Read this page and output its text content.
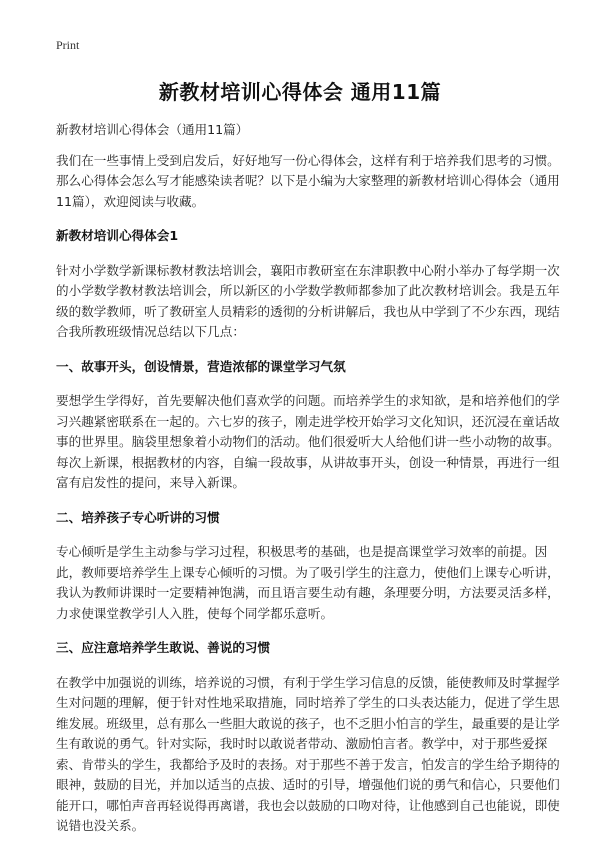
Print
新教材培训心得体会 通用11篇

新教材培训心得体会（通用11篇）

我们在一些事情上受到启发后，好好地写一份心得体会，这样有利于培养我们思考的习惯。那么心得体会怎么写才能感染读者呢？以下是小编为大家整理的新教材培训心得体会（通用11篇），欢迎阅读与收藏。

新教材培训心得体会1

针对小学数学新课标教材教法培训会，襄阳市教研室在东津职教中心附小举办了每学期一次的小学数学教材教法培训会，所以新区的小学数学教师都参加了此次教材培训会。我是五年级的数学教师，听了教研室人员精彩的透彻的分析讲解后，我也从中学到了不少东西，现结合我所教班级情况总结以下几点：

一、故事开头，创设情景，营造浓郁的课堂学习气氛

要想学生学得好，首先要解决他们喜欢学的问题。而培养学生的求知欲，是和培养他们的学习兴趣紧密联系在一起的。六七岁的孩子，刚走进学校开始学习文化知识，还沉浸在童话故事的世界里。脑袋里想象着小动物们的活动。他们很爱听大人给他们讲一些小动物的故事。每次上新课，根据教材的内容，自编一段故事，从讲故事开头，创设一种情景，再进行一组富有启发性的提问，来导入新课。

二、培养孩子专心听讲的习惯

专心倾听是学生主动参与学习过程，积极思考的基础，也是提高课堂学习效率的前提。因此，教师要培养学生上课专心倾听的习惯。为了吸引学生的注意力，使他们上课专心听讲，我认为教师讲课时一定要精神饱满，而且语言要生动有趣，条理要分明，方法要灵活多样，力求使课堂教学引人入胜，使每个同学都乐意听。

三、应注意培养学生敢说、善说的习惯

在教学中加强说的训练，培养说的习惯，有利于学生学习信息的反馈，能使教师及时掌握学生对问题的理解，便于针对性地采取措施，同时培养了学生的口头表达能力，促进了学生思维发展。班级里，总有那么一些胆大敢说的孩子，也不乏胆小怕言的学生，最重要的是让学生有敢说的勇气。针对实际，我时时以敢说者带动、激励怕言者。教学中，对于那些爱探索、肯带头的学生，我都给予及时的表扬。对于那些不善于发言，怕发言的学生给予期待的眼神，鼓励的目光，并加以适当的点拔、适时的引导，增强他们说的勇气和信心，只要他们能开口，哪怕声音再轻说得再离谱，我也会以鼓励的口吻对待，让他感到自己也能说，即使说错也没关系。
